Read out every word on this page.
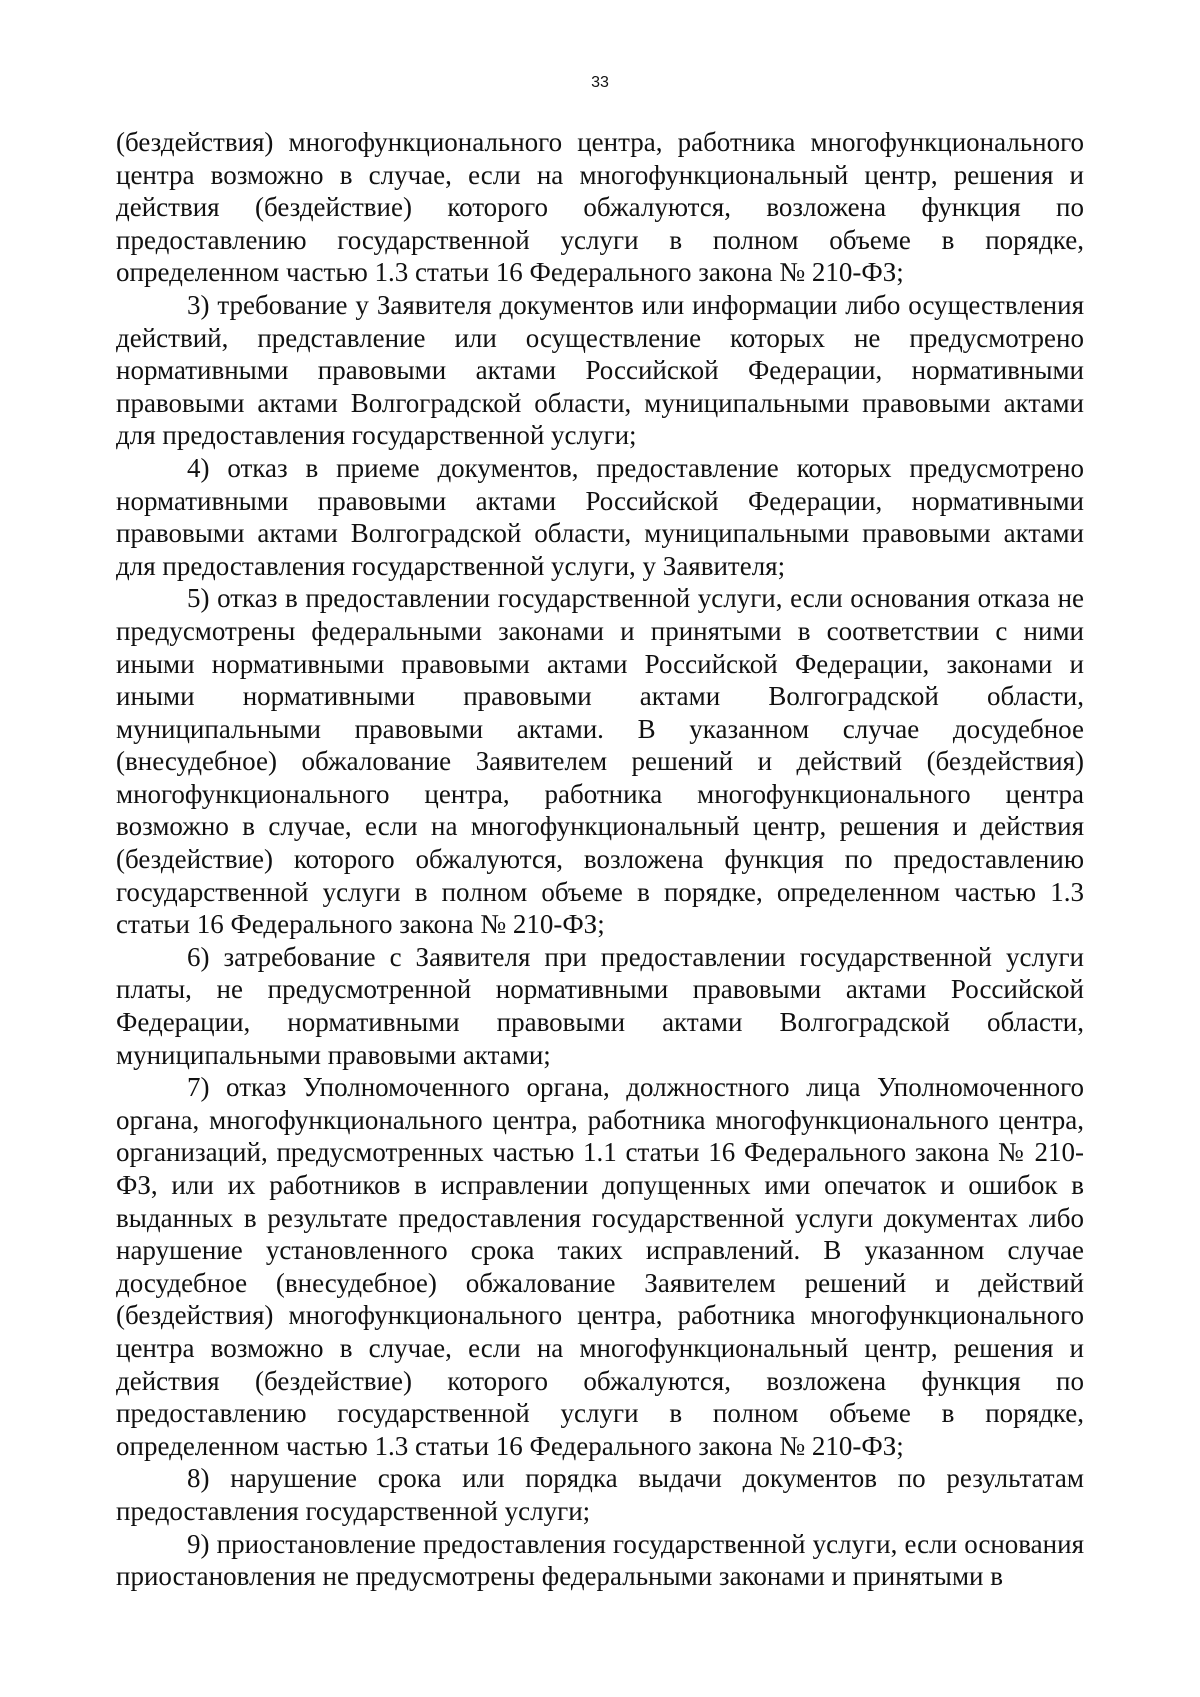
33

(бездействия) многофункционального центра, работника многофункционального центра возможно в случае, если на многофункциональный центр, решения и действия (бездействие) которого обжалуются, возложена функция по предоставлению государственной услуги в полном объеме в порядке, определенном частью 1.3 статьи 16 Федерального закона № 210-ФЗ;

3) требование у Заявителя документов или информации либо осуществления действий, представление или осуществление которых не предусмотрено нормативными правовыми актами Российской Федерации, нормативными правовыми актами Волгоградской области, муниципальными правовыми актами для предоставления государственной услуги;

4) отказ в приеме документов, предоставление которых предусмотрено нормативными правовыми актами Российской Федерации, нормативными правовыми актами Волгоградской области, муниципальными правовыми актами для предоставления государственной услуги, у Заявителя;

5) отказ в предоставлении государственной услуги, если основания отказа не предусмотрены федеральными законами и принятыми в соответствии с ними иными нормативными правовыми актами Российской Федерации, законами и иными нормативными правовыми актами Волгоградской области, муниципальными правовыми актами. В указанном случае досудебное (внесудебное) обжалование Заявителем решений и действий (бездействия) многофункционального центра, работника многофункционального центра возможно в случае, если на многофункциональный центр, решения и действия (бездействие) которого обжалуются, возложена функция по предоставлению государственной услуги в полном объеме в порядке, определенном частью 1.3 статьи 16 Федерального закона № 210-ФЗ;

6) затребование с Заявителя при предоставлении государственной услуги платы, не предусмотренной нормативными правовыми актами Российской Федерации, нормативными правовыми актами Волгоградской области, муниципальными правовыми актами;

7) отказ Уполномоченного органа, должностного лица Уполномоченного органа, многофункционального центра, работника многофункционального центра, организаций, предусмотренных частью 1.1 статьи 16 Федерального закона № 210-ФЗ, или их работников в исправлении допущенных ими опечаток и ошибок в выданных в результате предоставления государственной услуги документах либо нарушение установленного срока таких исправлений. В указанном случае досудебное (внесудебное) обжалование Заявителем решений и действий (бездействия) многофункционального центра, работника многофункционального центра возможно в случае, если на многофункциональный центр, решения и действия (бездействие) которого обжалуются, возложена функция по предоставлению государственной услуги в полном объеме в порядке, определенном частью 1.3 статьи 16 Федерального закона № 210-ФЗ;

8) нарушение срока или порядка выдачи документов по результатам предоставления государственной услуги;

9) приостановление предоставления государственной услуги, если основания приостановления не предусмотрены федеральными законами и принятыми в
